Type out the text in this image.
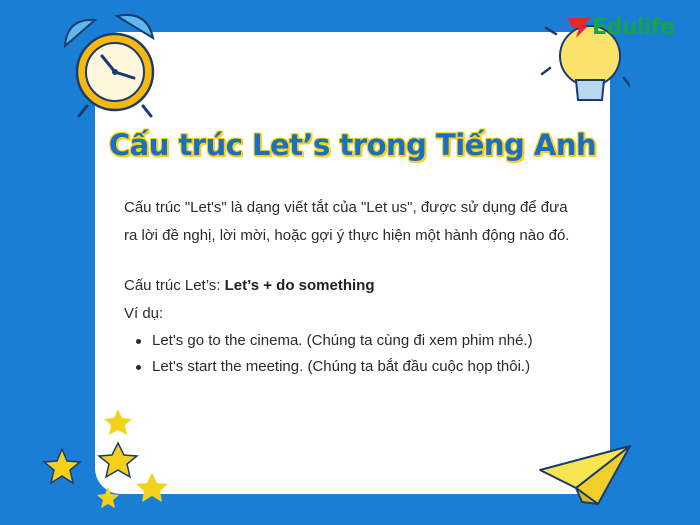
Edulife
Cấu trúc Let’s trong Tiếng Anh

Cấu trúc "Let's" là dạng viết tắt của "Let us", được sử dụng để đưa ra lời đề nghị, lời mời, hoặc gợi ý thực hiện một hành động nào đó.

Cấu trúc Let’s: Let’s + do something

Ví dụ:

Let's go to the cinema. (Chúng ta cùng đi xem phim nhé.)
Let's start the meeting. (Chúng ta bắt đầu cuộc họp thôi.)
